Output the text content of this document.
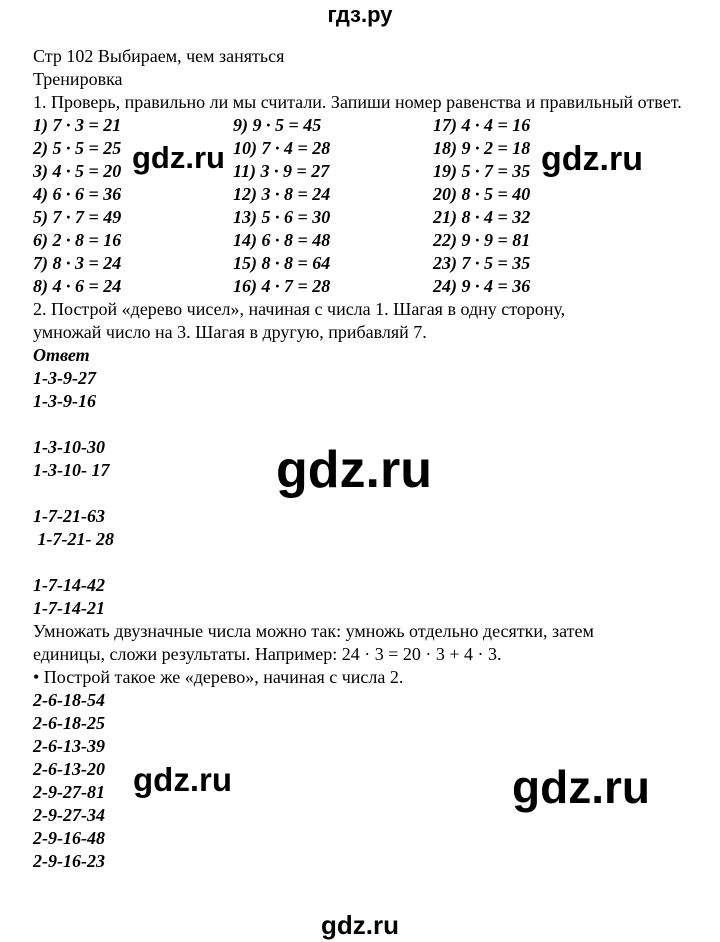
гдз.ру
Стр 102 Выбираем, чем заняться
Тренировка
1. Проверь, правильно ли мы считали. Запиши номер равенства и правильный ответ.
1) 7 · 3 = 21	9) 9 · 5 = 45	17) 4 · 4 = 16
2) 5 · 5 = 25	10) 7 · 4 = 28	18) 9 · 2 = 18
3) 4 · 5 = 20	11) 3 · 9 = 27	19) 5 · 7 = 35
4) 6 · 6 = 36	12) 3 · 8 = 24	20) 8 · 5 = 40
5) 7 · 7 = 49	13) 5 · 6 = 30	21) 8 · 4 = 32
6) 2 · 8 = 16	14) 6 · 8 = 48	22) 9 · 9 = 81
7) 8 · 3 = 24	15) 8 · 8 = 64	23) 7 · 5 = 35
8) 4 · 6 = 24	16) 4 · 7 = 28	24) 9 · 4 = 36
2. Построй «дерево чисел», начиная с числа 1. Шагая в одну сторону,
умножай число на 3. Шагая в другую, прибавляй 7.
Ответ
1-3-9-27
1-3-9-16
1-3-10-30
1-3-10- 17
1-7-21-63
1-7-21- 28
1-7-14-42
1-7-14-21
Умножать двузначные числа можно так: умножь отдельно десятки, затем
единицы, сложи результаты. Например: 24 · 3 = 20 · 3 + 4 · 3.
• Построй такое же «дерево», начиная с числа 2.
2-6-18-54
2-6-18-25
2-6-13-39
2-6-13-20
2-9-27-81
2-9-27-34
2-9-16-48
2-9-16-23
gdz.ru	gdz.ru
gdz.ru
gdz.ru	gdz.ru
gdz.ru
